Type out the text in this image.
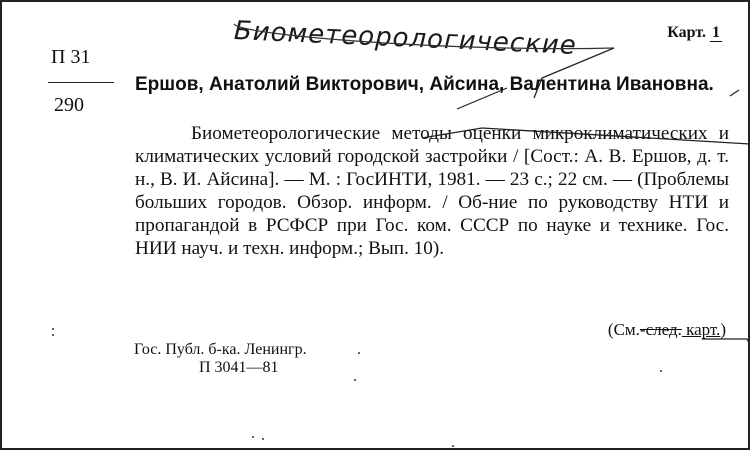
Биометеорологические	Карт. 1
П 31
290
Ершов, Анатолий Викторович, Айсина, Валентина Ивановна.
Биометеорологические методы оценки микроклиматических и климатических условий городской застройки / [Сост.: А. В. Ершов, д. т. н., В. И. Айсина]. — М. : ГосИНТИ, 1981. — 23 с.; 22 см. — (Проблемы больших городов. Обзор. информ. / Об-ние по руководству НТИ и пропагандой в РСФСР при Гос. ком. СССР по науке и технике. Гос. НИИ науч. и техн. информ.; Вып. 10).
(См.-след. карт.)
Гос. Публ. б-ка. Ленингр.
П 3041—81
